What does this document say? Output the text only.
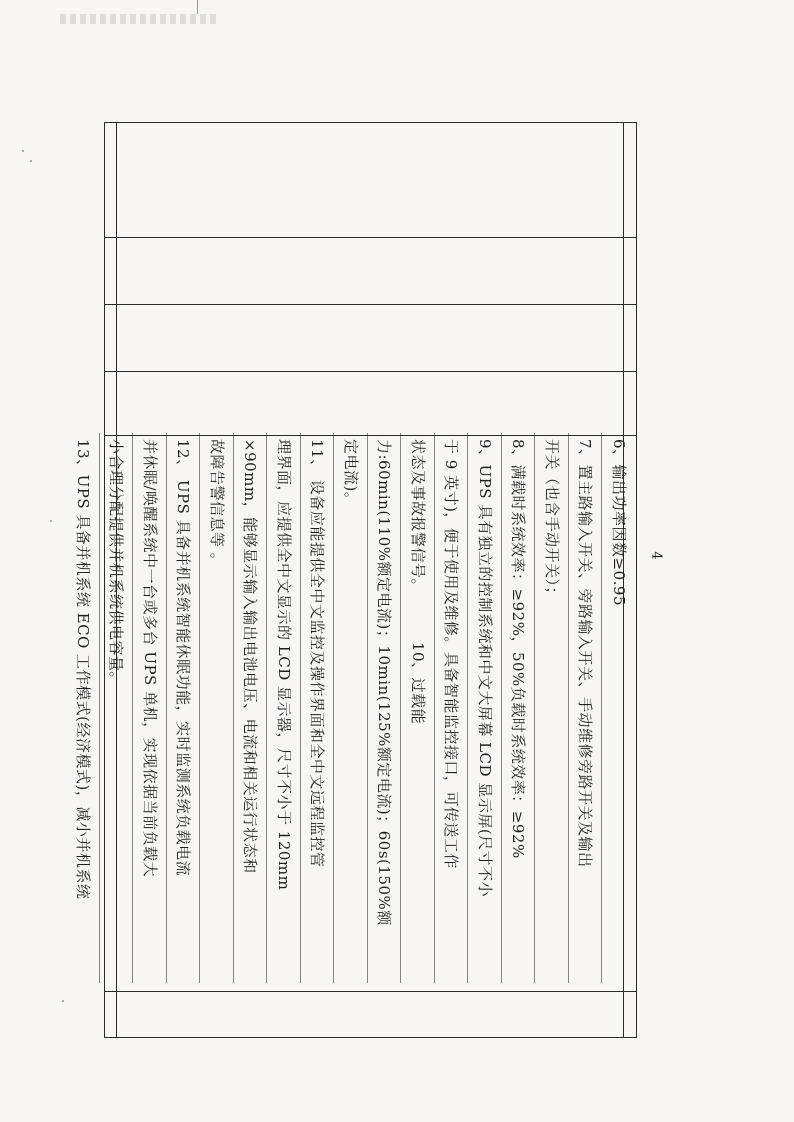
6、输出功率因数≥0.95
7、置主路输入开关、旁路输入开关、手动维修旁路开关及输出
开关（也含手动开关）；
8、满载时系统效率：≥92%，50%负载时系统效率：≥92%
9、UPS 具有独立的控制系统和中文大屏幕 LCD 显示屏(尺寸不小
于 9 英寸)，便于使用及维修。具备智能监控接口，可传送工作
状态及事故报警信号。10、过载能
力:60min(110%额定电流)；10min(125%额定电流)；60s(150%额
定电流)。
11、 设备应能提供全中文监控及操作界面和全中文远程监控管
理界面，应提供全中文显示的 LCD 显示器，尺寸不小于 120mm
×90mm，能够显示输入输出电池电压、电流和相关运行状态和
故障告警信息等 。
12、 UPS 具备并机系统智能休眠功能，实时监测系统负载电流
并休眠/唤醒系统中一台或多台 UPS 单机，实现依据当前负载大
小合理分配提供并机系统供电容量。
13、UPS 具备并机系统 ECO 工作模式(经济模式)，减小并机系统	4
